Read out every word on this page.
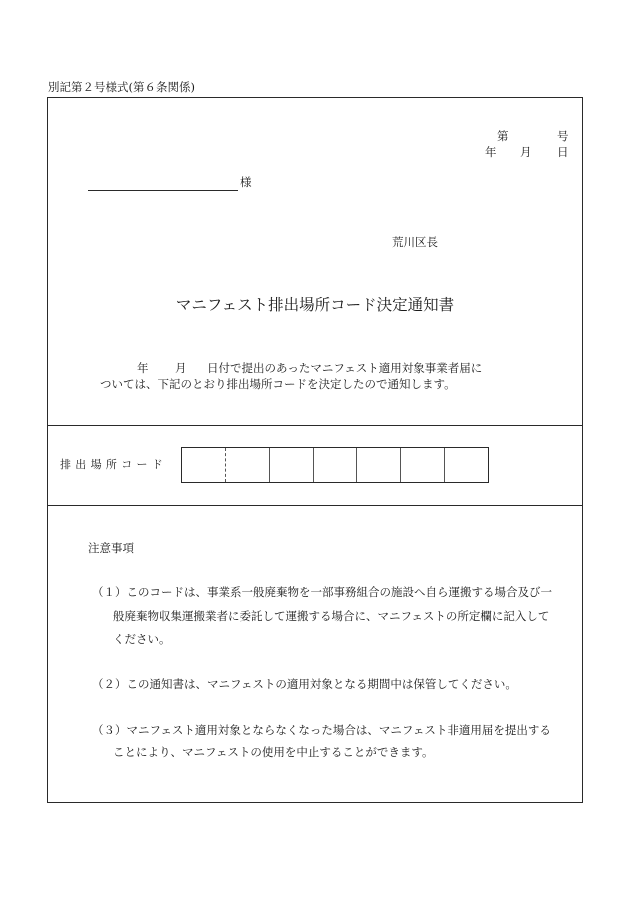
別記第２号様式(第６条関係)
第	号
年 月 日
様
荒川区長
マニフェスト排出場所コード決定通知書
年 月 日付で提出のあったマニフェスト適用対象事業者届に
ついては、下記のとおり排出場所コードを決定したので通知します。
排出場所コード
注意事項
（１）このコードは、事業系一般廃棄物を一部事務組合の施設へ自ら運搬する場合及び一
般廃棄物収集運搬業者に委託して運搬する場合に、マニフェストの所定欄に記入して
ください。
（２）この通知書は、マニフェストの適用対象となる期間中は保管してください。
（３）マニフェスト適用対象とならなくなった場合は、マニフェスト非適用届を提出する
ことにより、マニフェストの使用を中止することができます。
